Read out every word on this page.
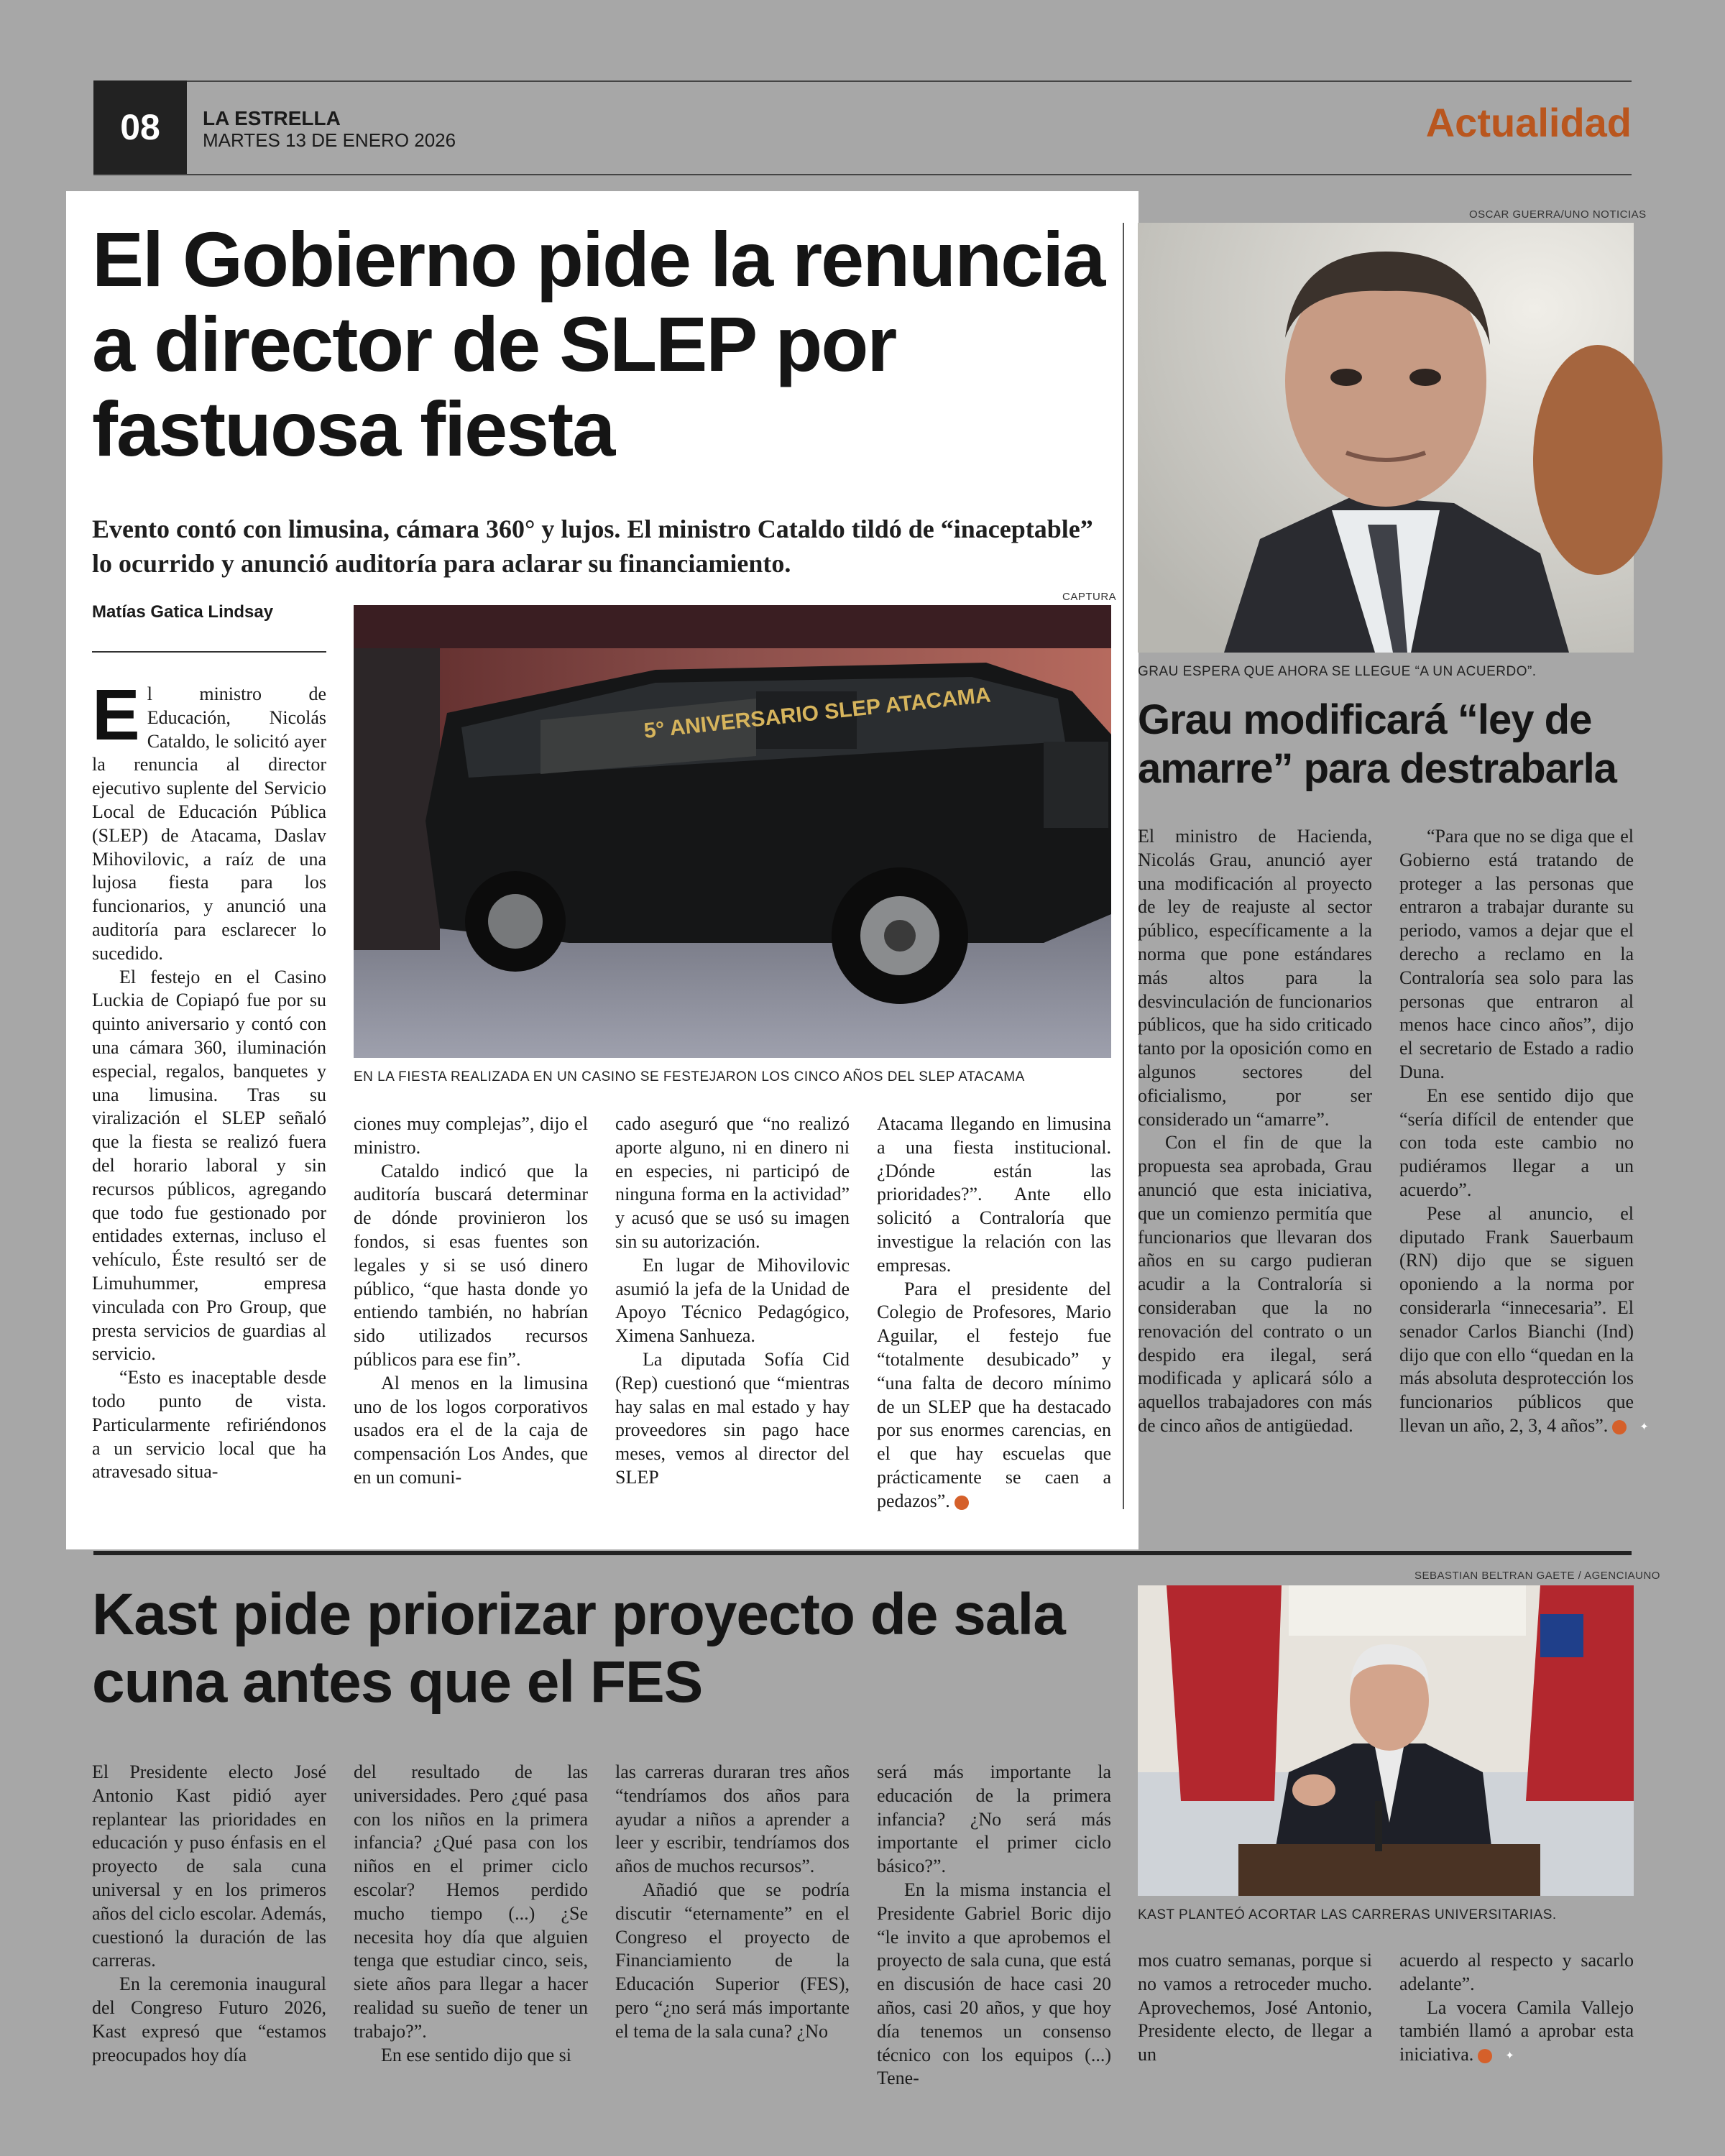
08	LA ESTRELLA
MARTES 13 DE ENERO 2026	Actualidad
El Gobierno pide la renuncia a director de SLEP por fastuosa fiesta
Evento contó con limusina, cámara 360° y lujos. El ministro Cataldo tildó de “inaceptable” lo ocurrido y anunció auditoría para aclarar su financiamiento.
Matías Gatica Lindsay
CAPTURA
5° ANIVERSARIO SLEP ATACAMA
EN LA FIESTA REALIZADA EN UN CASINO SE FESTEJARON LOS CINCO AÑOS DEL SLEP ATACAMA
E l ministro de Educación, Nicolás Cataldo, le solicitó ayer la renuncia al director ejecutivo suplente del Servicio Local de Educación Pública (SLEP) de Atacama, Daslav Mihovilovic, a raíz de una lujosa fiesta para los funcionarios, y anunció una auditoría para esclarecer lo sucedido.

El festejo en el Casino Luckia de Copiapó fue por su quinto aniversario y contó con una cámara 360, iluminación especial, regalos, banquetes y una limusina. Tras su viralización el SLEP señaló que la fiesta se realizó fuera del horario laboral y sin recursos públicos, agregando que todo fue gestionado por entidades externas, incluso el vehículo, Éste resultó ser de Limuhummer, empresa vinculada con Pro Group, que presta servicios de guardias al servicio.

“Esto es inaceptable desde todo punto de vista. Particularmente refiriéndonos a un servicio local que ha atravesado situa-

ciones muy complejas”, dijo el ministro.

Cataldo indicó que la auditoría buscará determinar de dónde provinieron los fondos, si esas fuentes son legales y si se usó dinero público, “que hasta donde yo entiendo también, no habrían sido utilizados recursos públicos para ese fin”.

Al menos en la limusina uno de los logos corporativos usados era el de la caja de compensación Los Andes, que en un comuni-

cado aseguró que “no realizó aporte alguno, ni en dinero ni en especies, ni participó de ninguna forma en la actividad” y acusó que se usó su imagen sin su autorización.

En lugar de Mihovilovic asumió la jefa de la Unidad de Apoyo Técnico Pedagógico, Ximena Sanhueza.

La diputada Sofía Cid (Rep) cuestionó que “mientras hay salas en mal estado y hay proveedores sin pago hace meses, vemos al director del SLEP

Atacama llegando en limusina a una fiesta institucional. ¿Dónde están las prioridades?”. Ante ello solicitó a Contraloría que investigue la relación con las empresas.

Para el presidente del Colegio de Profesores, Mario Aguilar, el festejo fue “totalmente desubicado” y “una falta de decoro mínimo de un SLEP que ha destacado por sus enormes carencias, en el que hay escuelas que prácticamente se caen a pedazos”.	✦

OSCAR GUERRA/UNO NOTICIAS
GRAU ESPERA QUE AHORA SE LLEGUE “A UN ACUERDO”.
Grau modificará “ley de amarre” para destrabarla

El ministro de Hacienda, Nicolás Grau, anunció ayer una modificación al proyecto de ley de reajuste al sector público, específicamente a la norma que pone estándares más altos para la desvinculación de funcionarios públicos, que ha sido criticado tanto por la oposición como en algunos sectores del oficialismo, por ser considerado un “amarre”.

Con el fin de que la propuesta sea aprobada, Grau anunció que esta iniciativa, que un comienzo permitía que funcionarios que llevaran dos años en su cargo pudieran acudir a la Contraloría si consideraban que la no renovación del contrato o un despido era ilegal, será modificada y aplicará sólo a aquellos trabajadores con más de cinco años de antigüedad.

“Para que no se diga que el Gobierno está tratando de proteger a las personas que entraron a trabajar durante su periodo, vamos a dejar que el derecho a reclamo en la Contraloría sea solo para las personas que entraron al menos hace cinco años”, dijo el secretario de Estado a radio Duna.

En ese sentido dijo que “sería difícil de entender que con toda este cambio no pudiéramos llegar a un acuerdo”.

Pese al anuncio, el diputado Frank Sauerbaum (RN) dijo que se siguen oponiendo a la norma por considerarla “innecesaria”. El senador Carlos Bianchi (Ind) dijo que con ello “quedan en la más absoluta desprotección los funcionarios públicos que llevan un año, 2, 3, 4 años”.	✦

Kast pide priorizar proyecto de sala cuna antes que el FES
SEBASTIAN BELTRAN GAETE / AGENCIAUNO
KAST PLANTEÓ ACORTAR LAS CARRERAS UNIVERSITARIAS.

El Presidente electo José Antonio Kast pidió ayer replantear las prioridades en educación y puso énfasis en el proyecto de sala cuna universal y en los primeros años del ciclo escolar. Además, cuestionó la duración de las carreras.

En la ceremonia inaugural del Congreso Futuro 2026, Kast expresó que “estamos preocupados hoy día

del resultado de las universidades. Pero ¿qué pasa con los niños en la primera infancia? ¿Qué pasa con los niños en el primer ciclo escolar? Hemos perdido mucho tiempo (...) ¿Se necesita hoy día que alguien tenga que estudiar cinco, seis, siete años para llegar a hacer realidad su sueño de tener un trabajo?”.

En ese sentido dijo que si

las carreras duraran tres años “tendríamos dos años para ayudar a niños a aprender a leer y escribir, tendríamos dos años de muchos recursos”.

Añadió que se podría discutir “eternamente” en el Congreso el proyecto de Financiamiento de la Educación Superior (FES), pero “¿no será más importante el tema de la sala cuna? ¿No

será más importante la educación de la primera infancia? ¿No será más importante el primer ciclo básico?”.

En la misma instancia el Presidente Gabriel Boric dijo “le invito a que aprobemos el proyecto de sala cuna, que está en discusión de hace casi 20 años, casi 20 años, y que hoy día tenemos un consenso técnico con los equipos (...) Tene-

mos cuatro semanas, porque si no vamos a retroceder mucho. Aprovechemos, José Antonio, Presidente electo, de llegar a un

acuerdo al respecto y sacarlo adelante”.

La vocera Camila Vallejo también llamó a aprobar esta iniciativa.	✦
